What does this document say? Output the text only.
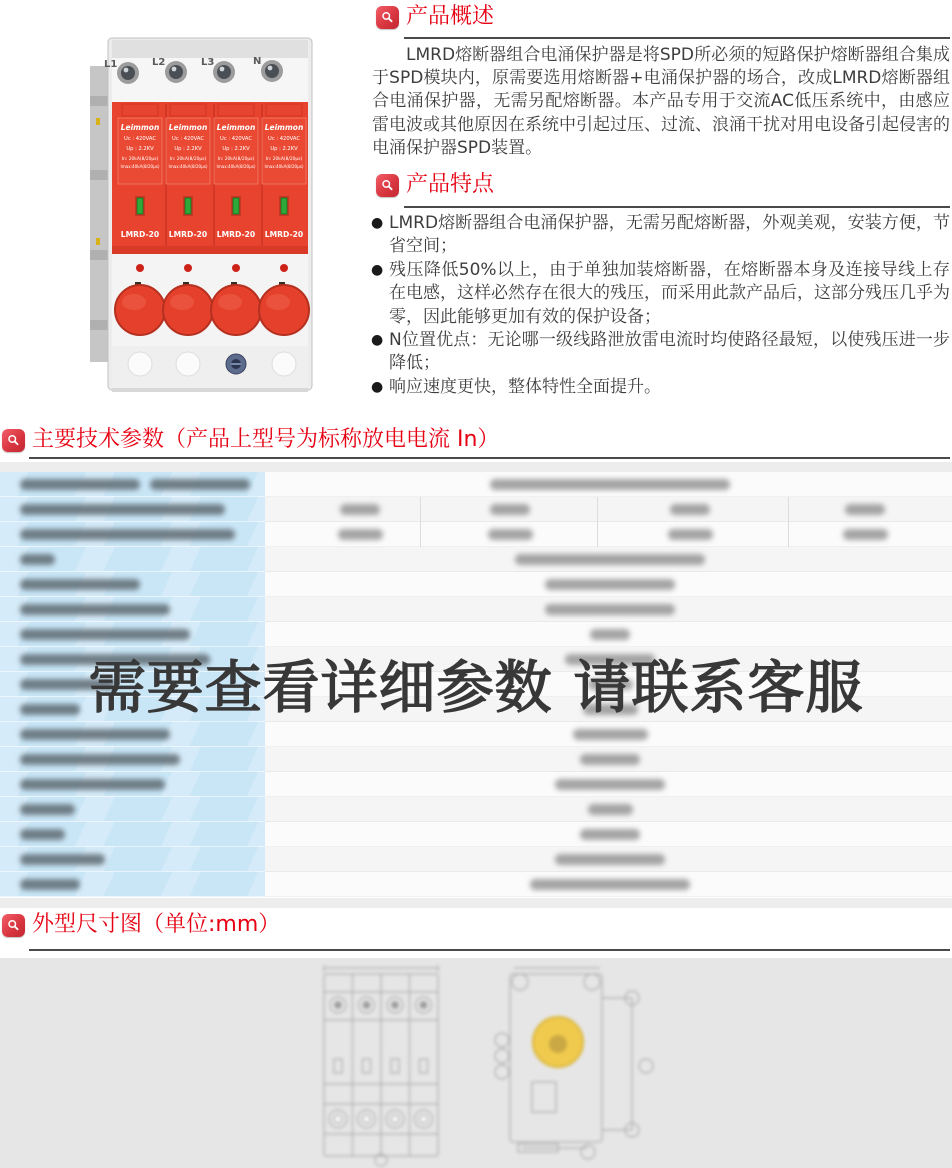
L1	L2	L3	N
Leimmon
Uc : 420VAC
Up : 2.2KV
In: 20kA(8/20μs)
Imax:40kA(8/20μs)
LMRD-20
Leimmon
Uc : 420VAC
Up : 2.2KV
In: 20kA(8/20μs)
Imax:40kA(8/20μs)
LMRD-20
Leimmon
Uc : 420VAC
Up : 2.2KV
In: 20kA(8/20μs)
Imax:40kA(8/20μs)
LMRD-20
Leimmon
Uc : 420VAC
Up : 2.2KV
In: 20kA(8/20μs)
Imax:40kA(8/20μs)
LMRD-20
产品概述

LMRD熔断器组合电涌保护器是将SPD所必须的短路保护熔断器组合集成于SPD模块内，原需要选用熔断器+电涌保护器的场合，改成LMRD熔断器组合电涌保护器，无需另配熔断器。本产品专用于交流AC低压系统中，由感应雷电波或其他原因在系统中引起过压、过流、浪涌干扰对用电设备引起侵害的电涌保护器SPD装置。

产品特点
● LMRD熔断器组合电涌保护器，无需另配熔断器，外观美观，安装方便，节省空间；
● 残压降低50%以上，由于单独加装熔断器，在熔断器本身及连接导线上存在电感，这样必然存在很大的残压，而采用此款产品后，这部分残压几乎为零，因此能够更加有效的保护设备；
● N位置优点：无论哪一级线路泄放雷电流时均使路径最短，以使残压进一步降低；
● 响应速度更快，整体特性全面提升。
主要技术参数（产品上型号为标称放电电流 In）
需要查看详细参数 请联系客服
外型尺寸图（单位:mm）
